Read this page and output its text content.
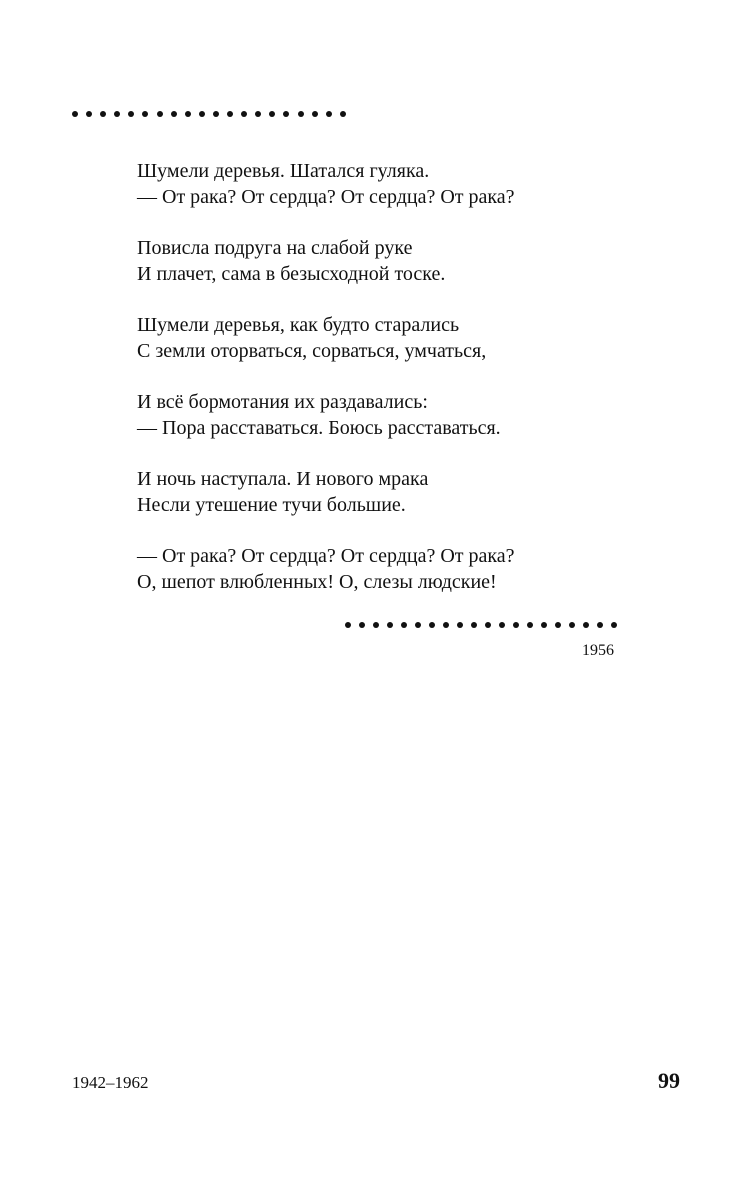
Шумели деревья. Шатался гуляка.
— От рака? От сердца? От сердца? От рака?
Повисла подруга на слабой руке
И плачет, сама в безысходной тоске.
Шумели деревья, как будто старались
С земли оторваться, сорваться, умчаться,
И всё бормотания их раздавались:
— Пора расставаться. Боюсь расставаться.
И ночь наступала. И нового мрака
Несли утешение тучи большие.
— От рака? От сердца? От сердца? От рака?
О, шепот влюбленных! О, слезы людские!
1956
1942–1962	99
